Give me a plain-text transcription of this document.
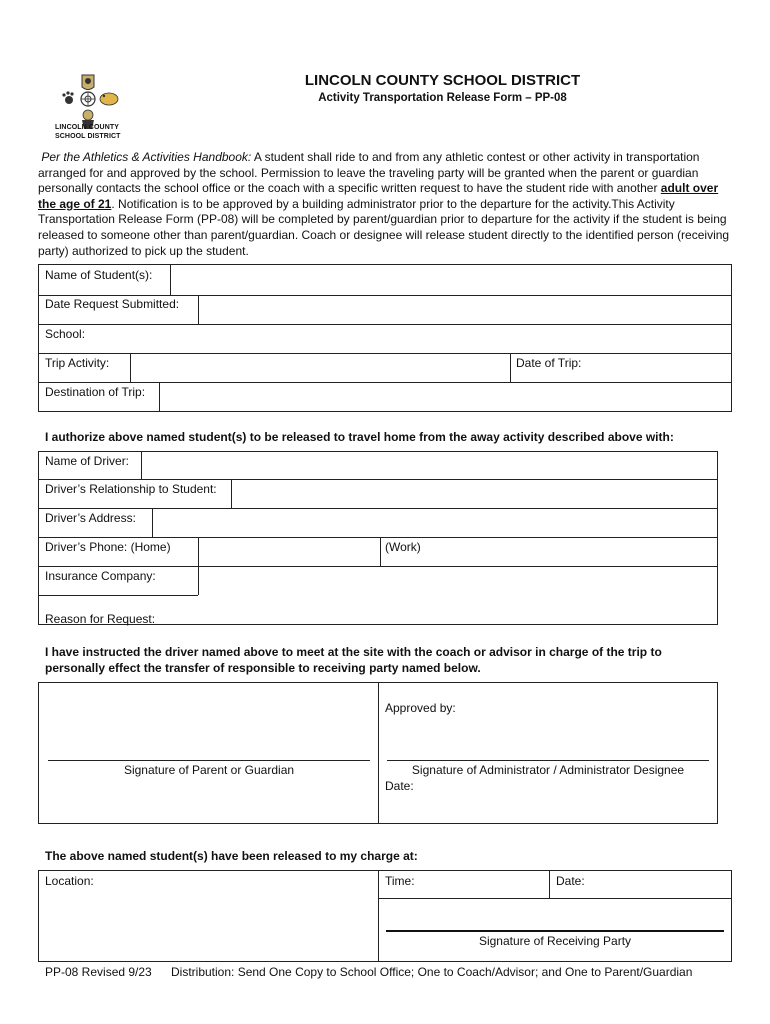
LINCOLN COUNTY
SCHOOL DISTRICT
LINCOLN COUNTY SCHOOL DISTRICT
Activity Transportation Release Form – PP-08
Per the Athletics & Activities Handbook: A student shall ride to and from any athletic contest or other activity in transportation arranged for and approved by the school. Permission to leave the traveling party will be granted when the parent or guardian personally contacts the school office or the coach with a specific written request to have the student ride with another adult over the age of 21. Notification is to be approved by a building administrator prior to the departure for the activity.This Activity Transportation Release Form (PP-08) will be completed by parent/guardian prior to departure for the activity if the student is being released to someone other than parent/guardian. Coach or designee will release student directly to the identified person (receiving party) authorized to pick up the student.
Name of Student(s):
Date Request Submitted:
School:
Trip Activity:	Date of Trip:
Destination of Trip:
I authorize above named student(s) to be released to travel home from the away activity described above with:
Name of Driver:
Driver’s Relationship to Student:
Driver’s Address:
Driver’s Phone: (Home)	(Work)
Insurance Company:
Reason for Request:
I have instructed the driver named above to meet at the site with the coach or advisor in charge of the trip to
personally effect the transfer of responsible to receiving party named below.
Approved by:
Signature of Parent or Guardian	Signature of Administrator / Administrator Designee
Date:
The above named student(s) have been released to my charge at:
Location:	Time:	Date:
Signature of Receiving Party
PP-08 Revised 9/23 Distribution: Send One Copy to School Office; One to Coach/Advisor; and One to Parent/Guardian
